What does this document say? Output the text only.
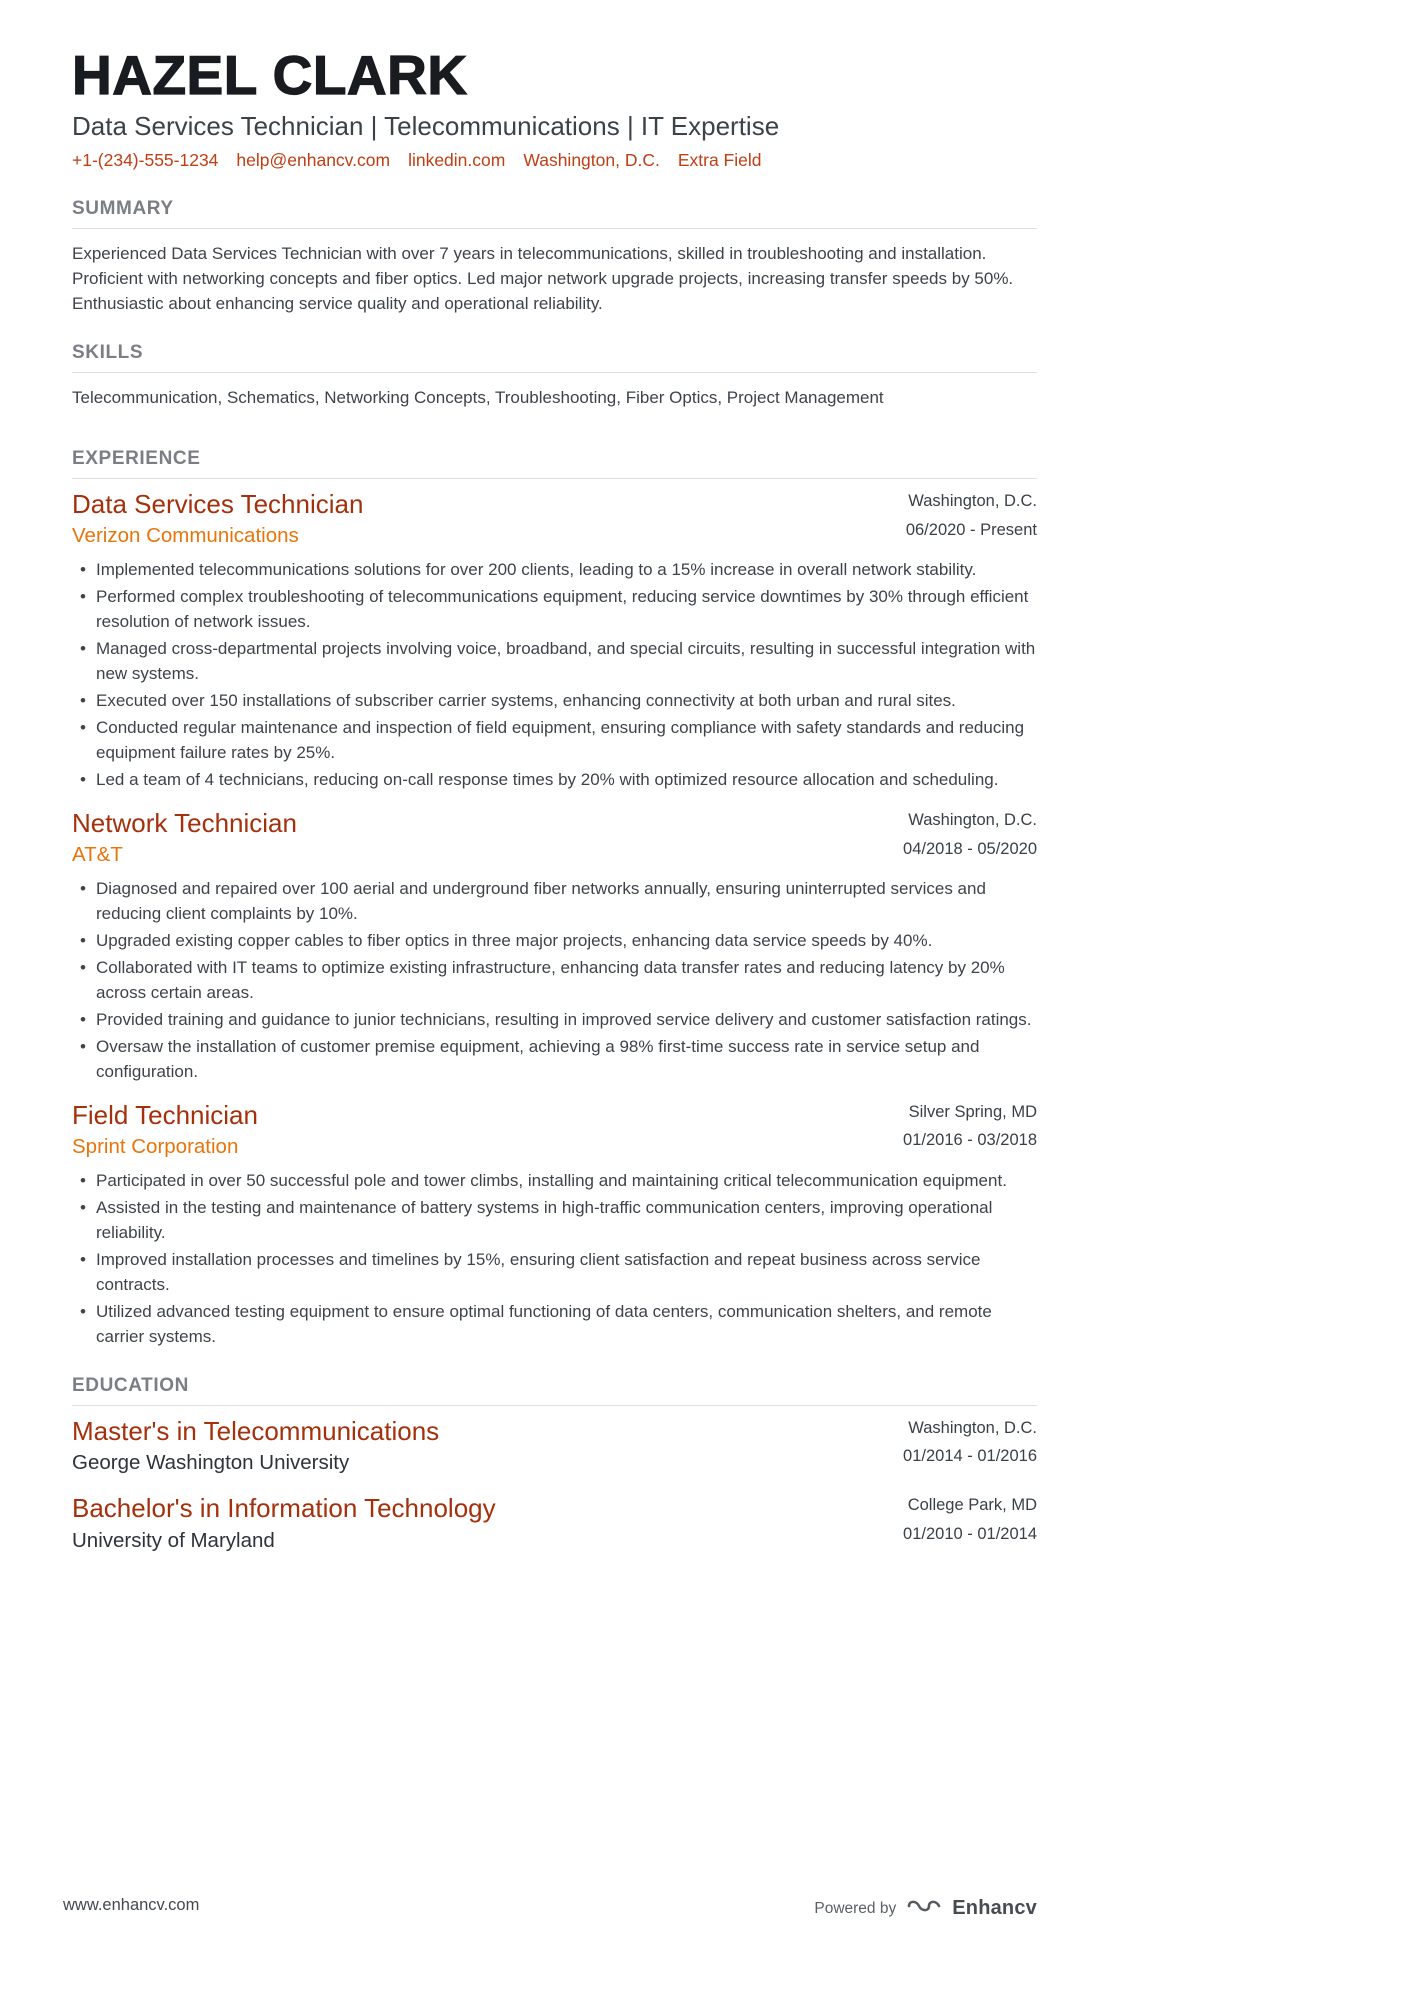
HAZEL CLARK
Data Services Technician | Telecommunications | IT Expertise
+1-(234)-555-1234 help@enhancv.com linkedin.com Washington, D.C. Extra Field
SUMMARY

Experienced Data Services Technician with over 7 years in telecommunications, skilled in troubleshooting and installation. Proficient with networking concepts and fiber optics. Led major network upgrade projects, increasing transfer speeds by 50%. Enthusiastic about enhancing service quality and operational reliability.

SKILLS

Telecommunication, Schematics, Networking Concepts, Troubleshooting, Fiber Optics, Project Management

EXPERIENCE
Data Services Technician
Verizon Communications
Washington, D.C.
06/2020 - Present
• Implemented telecommunications solutions for over 200 clients, leading to a 15% increase in overall network stability.
• Performed complex troubleshooting of telecommunications equipment, reducing service downtimes by 30% through efficient resolution of network issues.
• Managed cross-departmental projects involving voice, broadband, and special circuits, resulting in successful integration with new systems.
• Executed over 150 installations of subscriber carrier systems, enhancing connectivity at both urban and rural sites.
• Conducted regular maintenance and inspection of field equipment, ensuring compliance with safety standards and reducing equipment failure rates by 25%.
• Led a team of 4 technicians, reducing on-call response times by 20% with optimized resource allocation and scheduling.
Network Technician
AT&T
Washington, D.C.
04/2018 - 05/2020
• Diagnosed and repaired over 100 aerial and underground fiber networks annually, ensuring uninterrupted services and reducing client complaints by 10%.
• Upgraded existing copper cables to fiber optics in three major projects, enhancing data service speeds by 40%.
• Collaborated with IT teams to optimize existing infrastructure, enhancing data transfer rates and reducing latency by 20% across certain areas.
• Provided training and guidance to junior technicians, resulting in improved service delivery and customer satisfaction ratings.
• Oversaw the installation of customer premise equipment, achieving a 98% first-time success rate in service setup and configuration.
Field Technician
Sprint Corporation
Silver Spring, MD
01/2016 - 03/2018
• Participated in over 50 successful pole and tower climbs, installing and maintaining critical telecommunication equipment.
• Assisted in the testing and maintenance of battery systems in high-traffic communication centers, improving operational reliability.
• Improved installation processes and timelines by 15%, ensuring client satisfaction and repeat business across service contracts.
• Utilized advanced testing equipment to ensure optimal functioning of data centers, communication shelters, and remote carrier systems.
EDUCATION
Master's in Telecommunications
George Washington University
Washington, D.C.
01/2014 - 01/2016
Bachelor's in Information Technology
University of Maryland
College Park, MD
01/2010 - 01/2014
www.enhancv.com	Powered by	Enhancv
